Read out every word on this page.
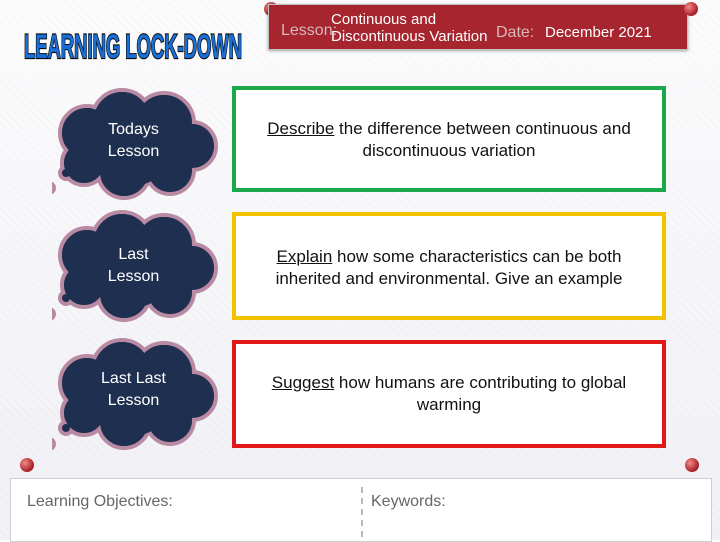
LEARNING LOCK-DOWN Lesson:	Date:
Continuous and
Discontinuous Variation	December 2021
Todays
Lesson
Describe the difference between continuous and discontinuous variation
Last
Lesson
Explain how some characteristics can be both inherited and environmental. Give an example
Last Last
Lesson
Suggest how humans are contributing to global warming
Learning Objectives:	Keywords:
